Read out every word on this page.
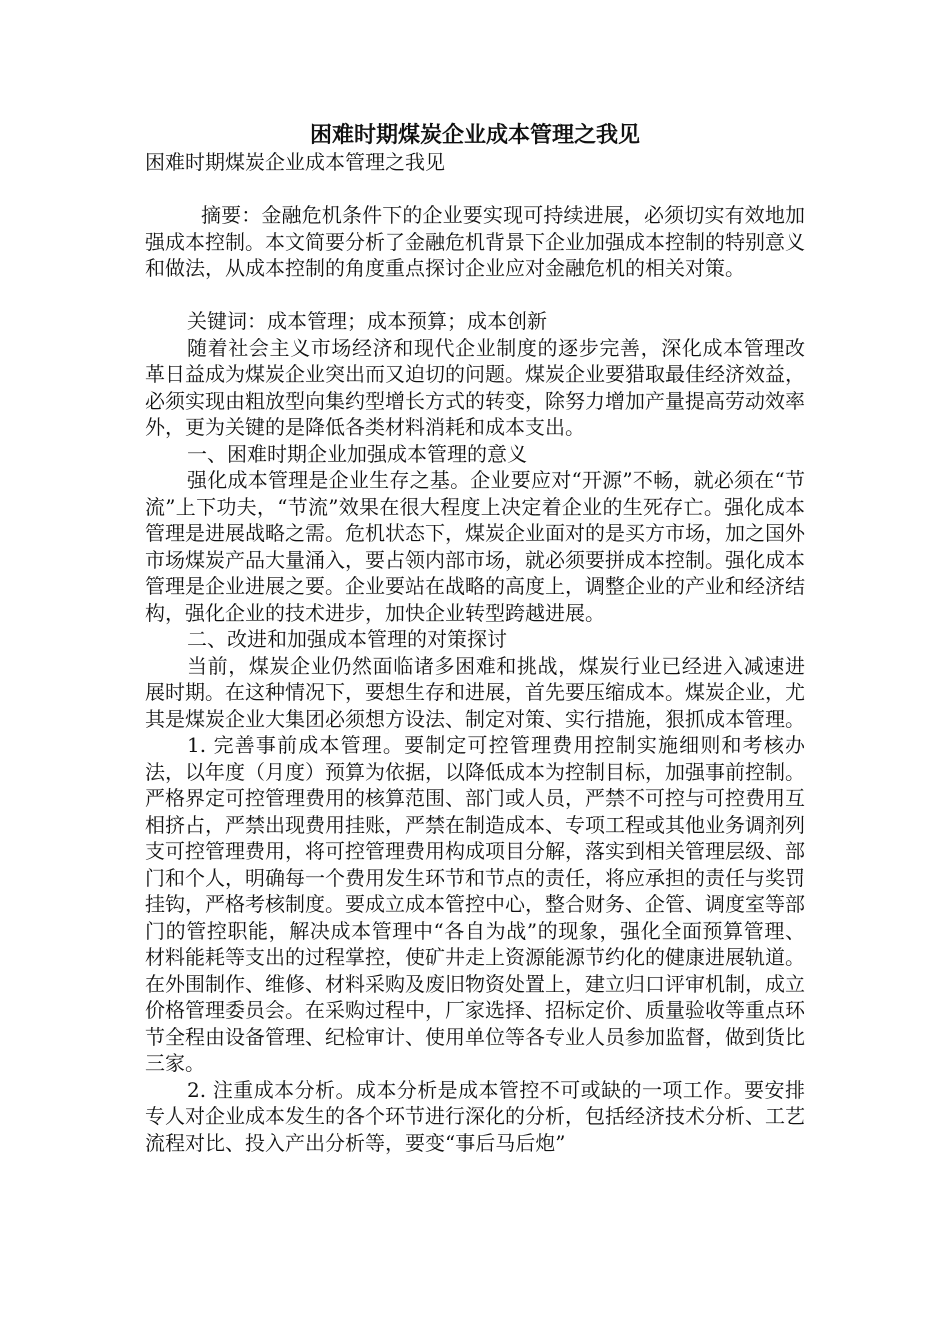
困难时期煤炭企业成本管理之我见

困难时期煤炭企业成本管理之我见

摘要：金融危机条件下的企业要实现可持续进展，必须切实有效地加强成本控制。本文简要分析了金融危机背景下企业加强成本控制的特别意义和做法，从成本控制的角度重点探讨企业应对金融危机的相关对策。

关键词：成本管理；成本预算；成本创新

随着社会主义市场经济和现代企业制度的逐步完善，深化成本管理改革日益成为煤炭企业突出而又迫切的问题。煤炭企业要猎取最佳经济效益，必须实现由粗放型向集约型增长方式的转变，除努力增加产量提高劳动效率外，更为关键的是降低各类材料消耗和成本支出。

一、困难时期企业加强成本管理的意义

强化成本管理是企业生存之基。企业要应对“开源”不畅，就必须在“节流”上下功夫，“节流”效果在很大程度上决定着企业的生死存亡。强化成本管理是进展战略之需。危机状态下，煤炭企业面对的是买方市场，加之国外市场煤炭产品大量涌入，要占领内部市场，就必须要拼成本控制。强化成本管理是企业进展之要。企业要站在战略的高度上，调整企业的产业和经济结构，强化企业的技术进步，加快企业转型跨越进展。

二、改进和加强成本管理的对策探讨

当前，煤炭企业仍然面临诸多困难和挑战，煤炭行业已经进入减速进展时期。在这种情况下，要想生存和进展，首先要压缩成本。煤炭企业，尤其是煤炭企业大集团必须想方设法、制定对策、实行措施，狠抓成本管理。

1. 完善事前成本管理。要制定可控管理费用控制实施细则和考核办法，以年度（月度）预算为依据，以降低成本为控制目标，加强事前控制。严格界定可控管理费用的核算范围、部门或人员，严禁不可控与可控费用互相挤占，严禁出现费用挂账，严禁在制造成本、专项工程或其他业务调剂列支可控管理费用，将可控管理费用构成项目分解，落实到相关管理层级、部门和个人，明确每一个费用发生环节和节点的责任，将应承担的责任与奖罚挂钩，严格考核制度。要成立成本管控中心，整合财务、企管、调度室等部门的管控职能，解决成本管理中“各自为战”的现象，强化全面预算管理、材料能耗等支出的过程掌控，使矿井走上资源能源节约化的健康进展轨道。在外围制作、维修、材料采购及废旧物资处置上，建立归口评审机制，成立价格管理委员会。在采购过程中，厂家选择、招标定价、质量验收等重点环节全程由设备管理、纪检审计、使用单位等各专业人员参加监督，做到货比三家。

2. 注重成本分析。成本分析是成本管控不可或缺的一项工作。要安排专人对企业成本发生的各个环节进行深化的分析，包括经济技术分析、工艺流程对比、投入产出分析等，要变“事后马后炮”
